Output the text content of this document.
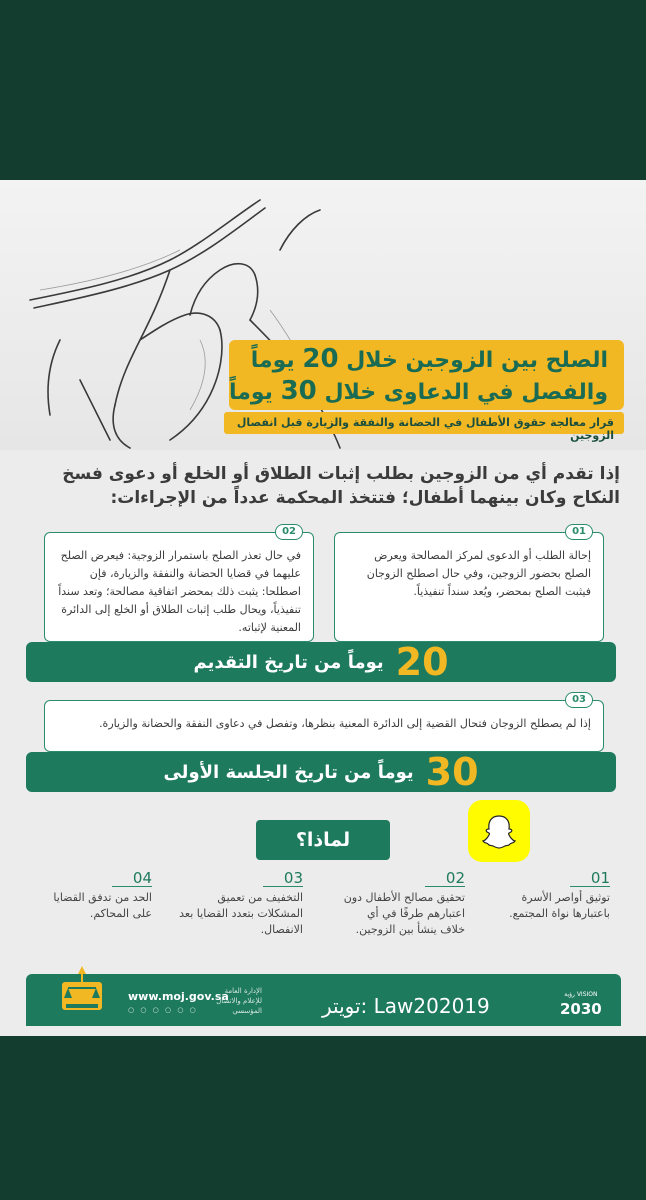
الصلح بين الزوجين خلال 20 يوماً
والفصل في الدعاوى خلال 30 يوماً
قرار معالجة حقوق الأطفال في الحضانة والنفقة والزيارة قبل انفصال الزوجين
إذا تقدم أي من الزوجين بطلب إثبات الطلاق أو الخلع أو دعوى فسخ النكاح وكان بينهما أطفال؛ فتتخذ المحكمة عدداً من الإجراءات:
01
إحالة الطلب أو الدعوى لمركز المصالحة ويعرض الصلح بحضور الزوجين، وفي حال اصطلح الزوجان فيثبت الصلح بمحضر، ويُعد سنداً تنفيذياً.
02
في حال تعذر الصلح باستمرار الزوجية: فيعرض الصلح عليهما في قضايا الحضانة والنفقة والزيارة، فإن اصطلحا: يثبت ذلك بمحضر اتفاقية مصالحة؛ وتعد سنداً تنفيذياً، ويحال طلب إثبات الطلاق أو الخلع إلى الدائرة المعنية لإثباته.
20
يوماً من تاريخ التقديم
03
إذا لم يصطلح الزوجان فتحال القضية إلى الدائرة المعنية بنظرها، وتفصل في دعاوى النفقة والحضانة والزيارة.
30
يوماً من تاريخ الجلسة الأولى
لماذا؟
01
توثيق أواصر الأسرة باعتبارها نواة المجتمع.
02
تحقيق مصالح الأطفال دون اعتبارهم طرفًا في أي خلاف ينشأ بين الزوجين.
03
التخفيف من تعميق المشكلات بتعدد القضايا بعد الانفصال.
04
الحد من تدفق القضايا على المحاكم.
www.moj.gov.sa
○ ○ ○ ○ ○ ○
الإدارة العامة للإعلام والاتصال المؤسسي	تويتر: Law202019	رؤية VISION
2030
